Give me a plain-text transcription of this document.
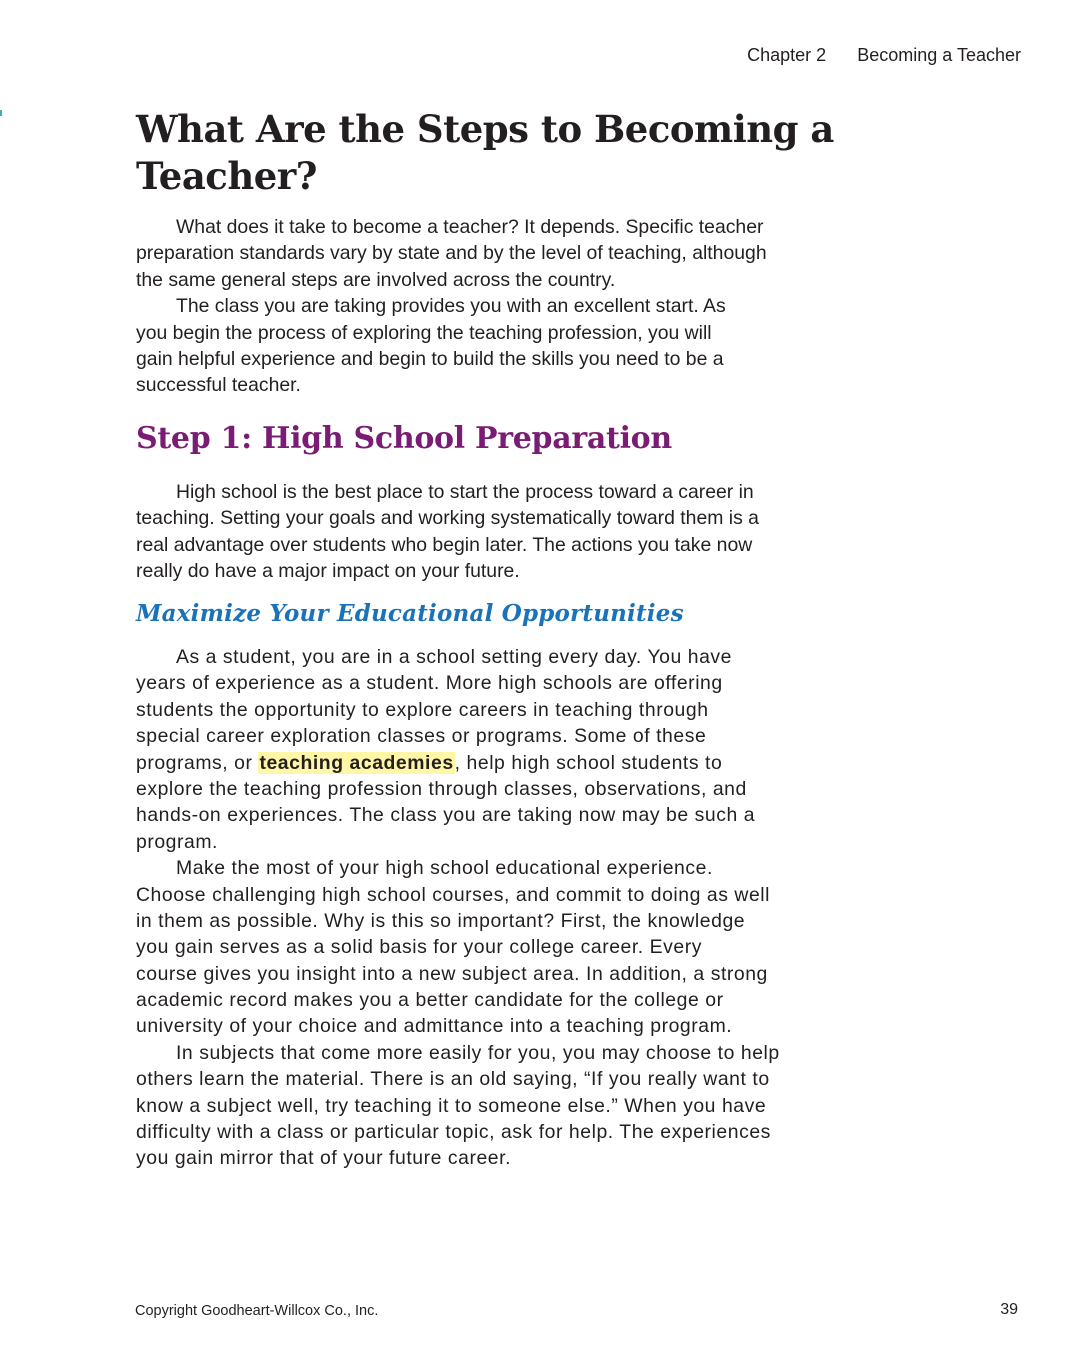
Chapter 2 Becoming a Teacher
What Are the Steps to Becoming a
Teacher?

What does it take to become a teacher? It depends. Specific teacher
preparation standards vary by state and by the level of teaching, although
the same general steps are involved across the country.

The class you are taking provides you with an excellent start. As
you begin the process of exploring the teaching profession, you will
gain helpful experience and begin to build the skills you need to be a
successful teacher.

Step 1: High School Preparation

High school is the best place to start the process toward a career in
teaching. Setting your goals and working systematically toward them is a
real advantage over students who begin later. The actions you take now
really do have a major impact on your future.

Maximize Your Educational Opportunities

As a student, you are in a school setting every day. You have
years of experience as a student. More high schools are offering
students the opportunity to explore careers in teaching through
special career exploration classes or programs. Some of these
programs, or teaching academies, help high school students to
explore the teaching profession through classes, observations, and
hands-on experiences. The class you are taking now may be such a
program.

Make the most of your high school educational experience.
Choose challenging high school courses, and commit to doing as well
in them as possible. Why is this so important? First, the knowledge
you gain serves as a solid basis for your college career. Every
course gives you insight into a new subject area. In addition, a strong
academic record makes you a better candidate for the college or
university of your choice and admittance into a teaching program.

In subjects that come more easily for you, you may choose to help
others learn the material. There is an old saying, “If you really want to
know a subject well, try teaching it to someone else.” When you have
difficulty with a class or particular topic, ask for help. The experiences
you gain mirror that of your future career.

Copyright Goodheart-Willcox Co., Inc.	39
